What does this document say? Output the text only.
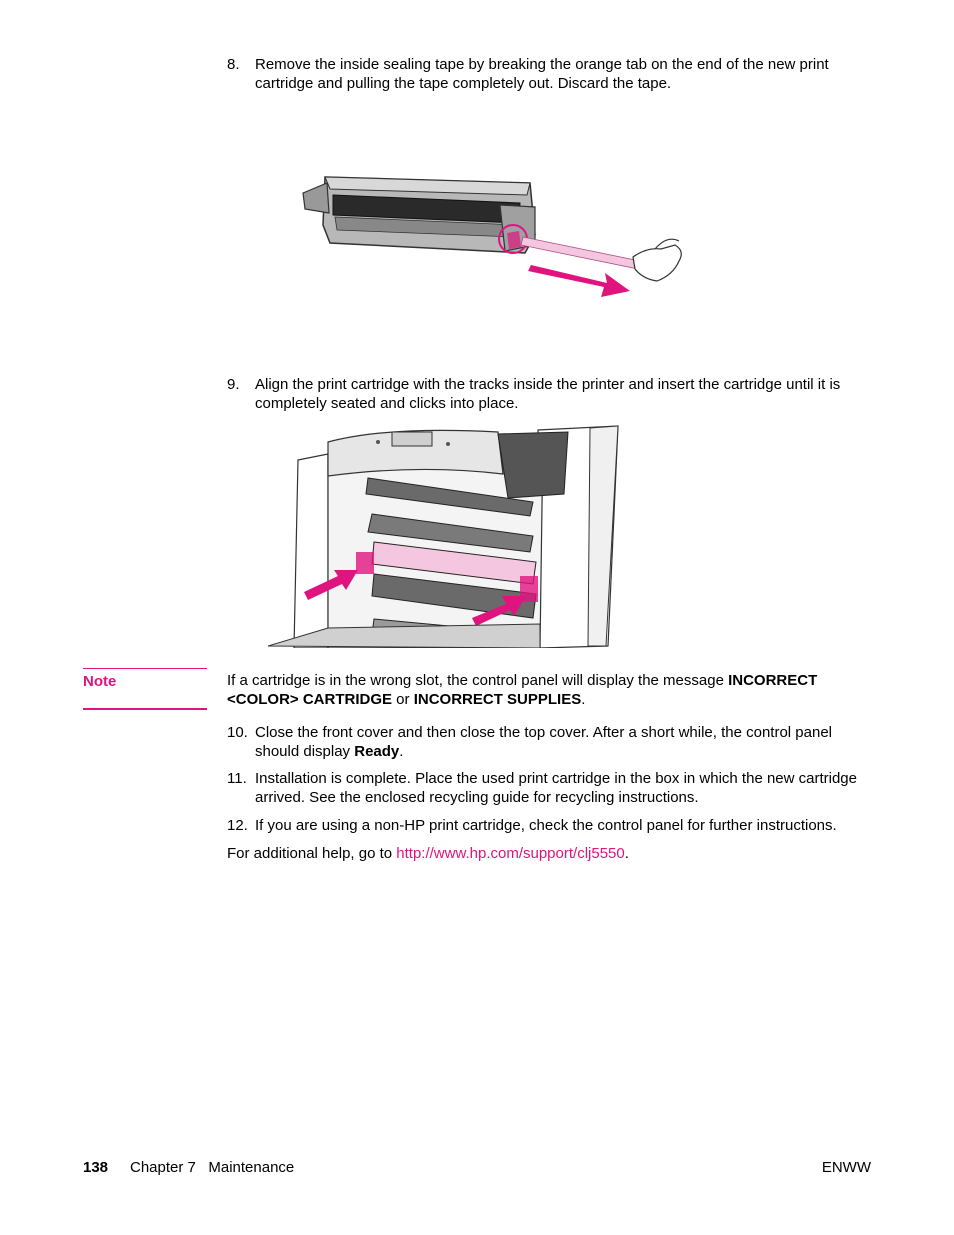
8. Remove the inside sealing tape by breaking the orange tab on the end of the new print cartridge and pulling the tape completely out. Discard the tape.
9. Align the print cartridge with the tracks inside the printer and insert the cartridge until it is completely seated and clicks into place.
Note	If a cartridge is in the wrong slot, the control panel will display the message INCORRECT <COLOR> CARTRIDGE or INCORRECT SUPPLIES.
10. Close the front cover and then close the top cover. After a short while, the control panel should display Ready.
11. Installation is complete. Place the used print cartridge in the box in which the new cartridge arrived. See the enclosed recycling guide for recycling instructions.
12. If you are using a non-HP print cartridge, check the control panel for further instructions.
For additional help, go to http://www.hp.com/support/clj5550.
138 Chapter 7   Maintenance	ENWW
